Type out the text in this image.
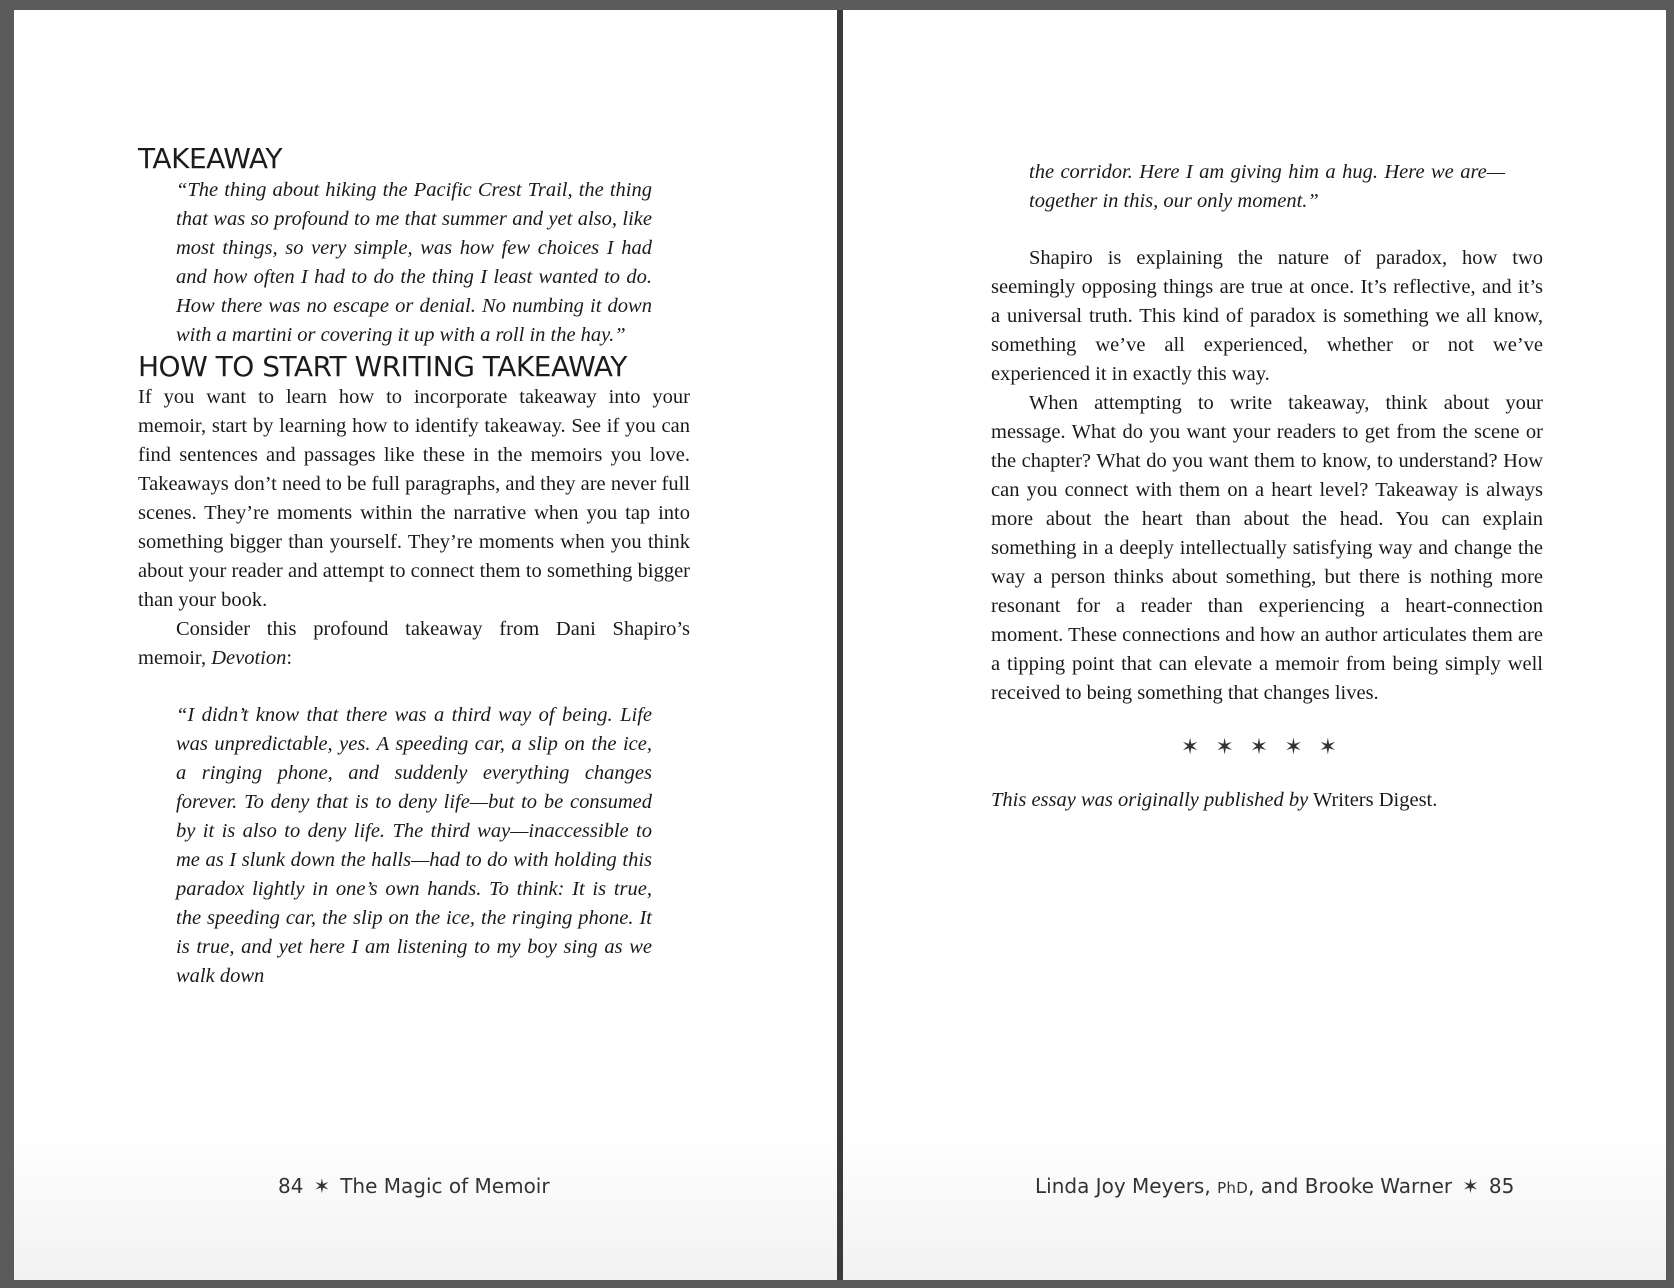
TAKEAWAY
“The thing about hiking the Pacific Crest Trail, the thing that was so profound to me that summer and yet also, like most things, so very simple, was how few choices I had and how often I had to do the thing I least wanted to do. How there was no escape or denial. No numbing it down with a martini or covering it up with a roll in the hay.”
HOW TO START WRITING TAKEAWAY

If you want to learn how to incorporate takeaway into your memoir, start by learning how to identify takeaway. See if you can find sentences and passages like these in the memoirs you love. Takeaways don’t need to be full paragraphs, and they are never full scenes. They’re moments within the narrative when you tap into something bigger than yourself. They’re moments when you think about your reader and attempt to connect them to something bigger than your book.

Consider this profound takeaway from Dani Shapiro’s memoir, Devotion:

“I didn’t know that there was a third way of being. Life was unpredictable, yes. A speeding car, a slip on the ice, a ringing phone, and suddenly everything changes forever. To deny that is to deny life—but to be consumed by it is also to deny life. The third way—inaccessible to me as I slunk down the halls—had to do with holding this paradox lightly in one’s own hands. To think: It is true, the speeding car, the slip on the ice, the ringing phone. It is true, and yet here I am listening to my boy sing as we walk down
84 ✶ The Magic of Memoir
the corridor. Here I am giving him a hug. Here we are—together in this, our only moment.”

Shapiro is explaining the nature of paradox, how two seemingly opposing things are true at once. It’s reflective, and it’s a universal truth. This kind of paradox is something we all know, something we’ve all experienced, whether or not we’ve experienced it in exactly this way.

When attempting to write takeaway, think about your message. What do you want your readers to get from the scene or the chapter? What do you want them to know, to understand? How can you connect with them on a heart level? Takeaway is always more about the heart than about the head. You can explain something in a deeply intellectually satisfying way and change the way a person thinks about something, but there is nothing more resonant for a reader than experiencing a heart-connection moment. These connections and how an author articulates them are a tipping point that can elevate a memoir from being simply well received to being something that changes lives.

✶✶✶✶✶
This essay was originally published by Writers Digest.
Linda Joy Meyers, PhD, and Brooke Warner ✶ 85
